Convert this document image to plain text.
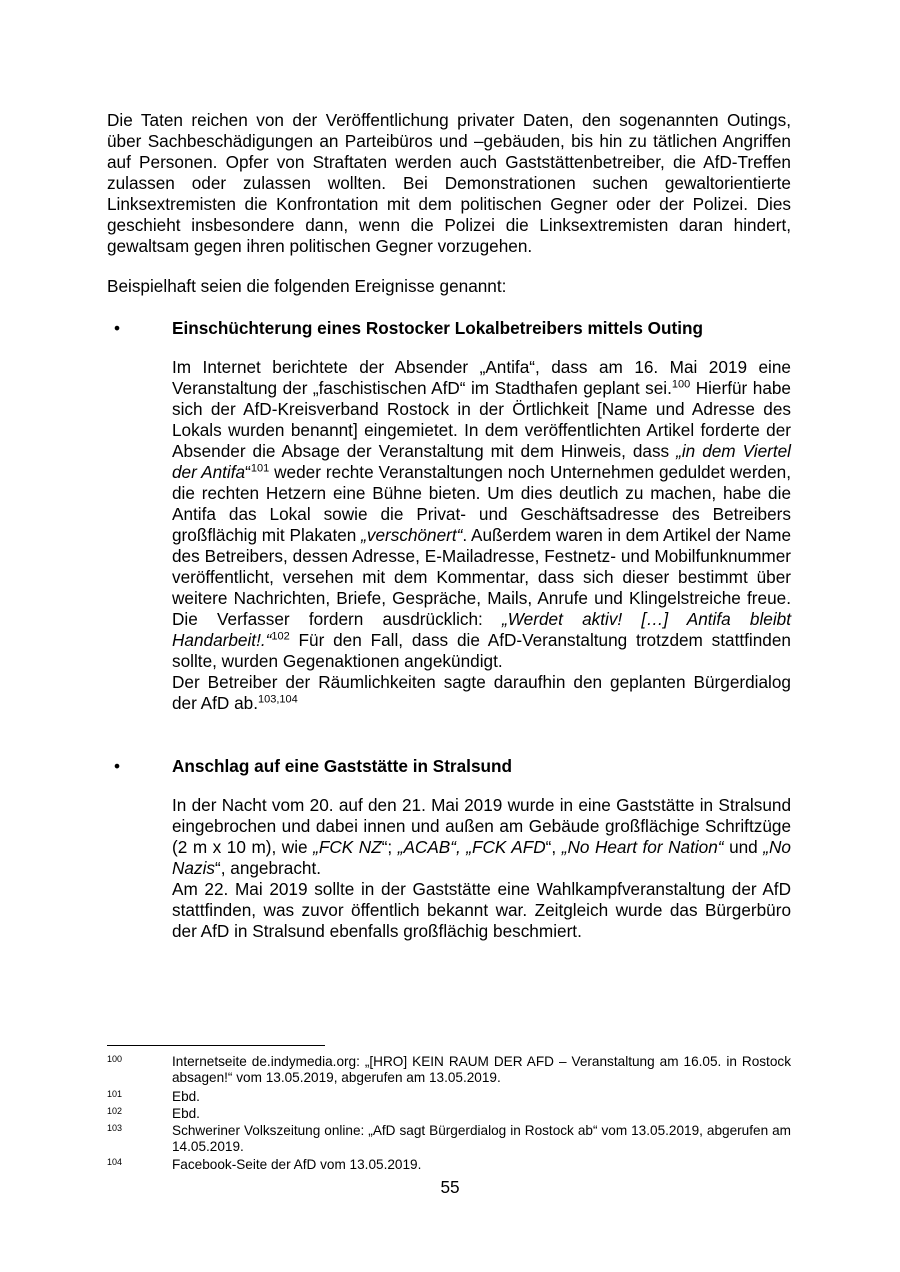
Die Taten reichen von der Veröffentlichung privater Daten, den sogenannten Outings, über Sachbeschädigungen an Parteibüros und –gebäuden, bis hin zu tätlichen Angriffen auf Personen. Opfer von Straftaten werden auch Gaststättenbetreiber, die AfD-Treffen zulassen oder zulassen wollten. Bei Demonstrationen suchen gewaltorientierte Linksextremisten die Konfrontation mit dem politischen Gegner oder der Polizei. Dies geschieht insbesondere dann, wenn die Polizei die Linksextremisten daran hindert, gewaltsam gegen ihren politischen Gegner vorzugehen.

Beispielhaft seien die folgenden Ereignisse genannt:

•	Einschüchterung eines Rostocker Lokalbetreibers mittels Outing

Im Internet berichtete der Absender „Antifa“, dass am 16. Mai 2019 eine Veranstaltung der „faschistischen AfD“ im Stadthafen geplant sei.$^{100}$ Hierfür habe sich der AfD-Kreisverband Rostock in der Örtlichkeit [Name und Adresse des Lokals wurden benannt] eingemietet. In dem veröffentlichten Artikel forderte der Absender die Absage der Veranstaltung mit dem Hinweis, dass „in dem Viertel der Antifa“$^{101}$ weder rechte Veranstaltungen noch Unternehmen geduldet werden, die rechten Hetzern eine Bühne bieten. Um dies deutlich zu machen, habe die Antifa das Lokal sowie die Privat- und Geschäftsadresse des Betreibers großflächig mit Plakaten „verschönert“. Außerdem waren in dem Artikel der Name des Betreibers, dessen Adresse, E-Mailadresse, Festnetz- und Mobilfunknummer veröffentlicht, versehen mit dem Kommentar, dass sich dieser bestimmt über weitere Nachrichten, Briefe, Gespräche, Mails, Anrufe und Klingelstreiche freue. Die Verfasser fordern ausdrücklich: „Werdet aktiv! […] Antifa bleibt Handarbeit!.“$^{102}$ Für den Fall, dass die AfD-Veranstaltung trotzdem stattfinden sollte, wurden Gegenaktionen angekündigt.
Der Betreiber der Räumlichkeiten sagte daraufhin den geplanten Bürgerdialog der AfD ab.$^{103,104}$

•	Anschlag auf eine Gaststätte in Stralsund

In der Nacht vom 20. auf den 21. Mai 2019 wurde in eine Gaststätte in Stralsund eingebrochen und dabei innen und außen am Gebäude großflächige Schriftzüge (2 m x 10 m), wie „FCK NZ“; „ACAB“, „FCK AFD“, „No Heart for Nation“ und „No Nazis“, angebracht.
Am 22. Mai 2019 sollte in der Gaststätte eine Wahlkampfveranstaltung der AfD stattfinden, was zuvor öffentlich bekannt war. Zeitgleich wurde das Bürgerbüro der AfD in Stralsund ebenfalls großflächig beschmiert.

100	Internetseite de.indymedia.org: „[HRO] KEIN RAUM DER AFD – Veranstaltung am 16.05. in Rostock absagen!“ vom 13.05.2019, abgerufen am 13.05.2019.
101	Ebd.
102	Ebd.
103	Schweriner Volkszeitung online: „AfD sagt Bürgerdialog in Rostock ab“ vom 13.05.2019, abgerufen am 14.05.2019.
104	Facebook-Seite der AfD vom 13.05.2019.
55
